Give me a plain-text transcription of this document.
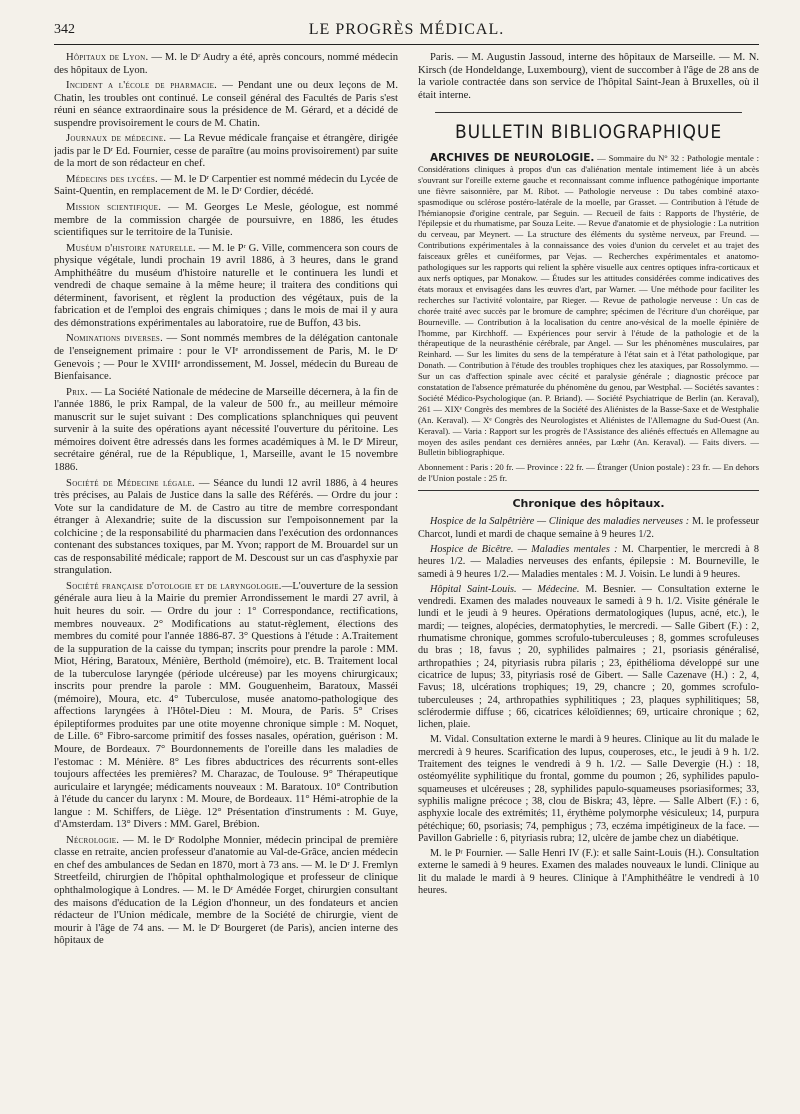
342	LE PROGRÈS MÉDICAL.

Hôpitaux de Lyon. — M. le Dʳ Audry a été, après concours, nommé médecin des hôpitaux de Lyon.

Incident a l'école de pharmacie. — Pendant une ou deux leçons de M. Chatin, les troubles ont continué. Le conseil général des Facultés de Paris s'est réuni en séance extraordinaire sous la présidence de M. Gérard, et a décidé de suspendre provisoirement le cours de M. Chatin.

Journaux de médecine. — La Revue médicale française et étrangère, dirigée jadis par le Dʳ Ed. Fournier, cesse de paraître (au moins provisoirement) par suite de la mort de son rédacteur en chef.

Médecins des lycées. — M. le Dʳ Carpentier est nommé médecin du Lycée de Saint-Quentin, en remplacement de M. le Dʳ Cordier, décédé.

Mission scientifique. — M. Georges Le Mesle, géologue, est nommé membre de la commission chargée de poursuivre, en 1886, les études scientifiques sur le territoire de la Tunisie.

Muséum d'histoire naturelle. — M. le Pʳ G. Ville, commencera son cours de physique végétale, lundi prochain 19 avril 1886, à 3 heures, dans le grand Amphithéâtre du muséum d'histoire naturelle et le continuera les lundi et vendredi de chaque semaine à la même heure; il traitera des conditions qui déterminent, favorisent, et règlent la production des végétaux, puis de la fabrication et de l'emploi des engrais chimiques ; dans le mois de mai il y aura des démonstrations expérimentales au laboratoire, rue de Buffon, 43 bis.

Nominations diverses. — Sont nommés membres de la délégation cantonale de l'enseignement primaire : pour le VIᵉ arrondissement de Paris, M. le Dʳ Genevois ; — Pour le XVIIIᵉ arrondissement, M. Jossel, médecin du Bureau de Bienfaisance.

Prix. — La Société Nationale de médecine de Marseille décernera, à la fin de l'année 1886, le prix Rampal, de la valeur de 500 fr., au meilleur mémoire manuscrit sur le sujet suivant : Des complications splanchniques qui peuvent survenir à la suite des opérations ayant nécessité l'ouverture du péritoine. Les mémoires doivent être adressés dans les formes académiques à M. le Dʳ Mireur, secrétaire général, rue de la République, 1, Marseille, avant le 15 novembre 1886.

Société de Médecine légale. — Séance du lundi 12 avril 1886, à 4 heures très précises, au Palais de Justice dans la salle des Référés. — Ordre du jour : Vote sur la candidature de M. de Castro au titre de membre correspondant étranger à Alexandrie; suite de la discussion sur l'empoisonnement par la colchicine ; de la responsabilité du pharmacien dans l'exécution des ordonnances contenant des substances toxiques, par M. Yvon; rapport de M. Brouardel sur un cas de responsabilité médicale; rapport de M. Descoust sur un cas d'asphyxie par strangulation.

Société française d'otologie et de laryngologie.—L'ouverture de la session générale aura lieu à la Mairie du premier Arrondissement le mardi 27 avril, à huit heures du soir. — Ordre du jour : 1° Correspondance, rectifications, membres nouveaux. 2° Modifications au statut-règlement, élections des membres du comité pour l'année 1886-87. 3° Questions à l'étude : A.Traitement de la suppuration de la caisse du tympan; inscrits pour prendre la parole : MM. Miot, Héring, Baratoux, Ménière, Berthold (mémoire), etc. B. Traitement local de la tuberculose laryngée (période ulcéreuse) par les moyens chirurgicaux; inscrits pour prendre la parole : MM. Gouguenheim, Baratoux, Masséi (mémoire), Moura, etc. 4° Tuberculose, musée anatomo-pathologique des affections laryngées à l'Hôtel-Dieu : M. Moura, de Paris. 5° Crises épileptiformes produites par une otite moyenne chronique simple : M. Noquet, de Lille. 6° Fibro-sarcome primitif des fosses nasales, opération, guérison : M. Moure, de Bordeaux. 7° Bourdonnements de l'oreille dans les maladies de l'estomac : M. Ménière. 8° Les fibres abductrices des récurrents sont-elles toujours affectées les premières? M. Charazac, de Toulouse. 9° Thérapeutique auriculaire et laryngée; médicaments nouveaux : M. Baratoux. 10° Contribution à l'étude du cancer du larynx : M. Moure, de Bordeaux. 11° Hémi-atrophie de la langue : M. Schiffers, de Liège. 12° Présentation d'instruments : M. Guye, d'Amsterdam. 13° Divers : MM. Garel, Brébion.

Nécrologie. — M. le Dʳ Rodolphe Monnier, médecin principal de première classe en retraite, ancien professeur d'anatomie au Val-de-Grâce, ancien médecin en chef des ambulances de Sedan en 1870, mort à 73 ans. — M. le Dʳ J. Fremlyn Streetfeild, chirurgien de l'hôpital ophthalmologique et professeur de clinique ophthalmologique à Londres. — M. le Dʳ Amédée Forget, chirurgien consultant des maisons d'éducation de la Légion d'honneur, un des fondateurs et ancien rédacteur de l'Union médicale, membre de la Société de chirurgie, vient de mourir à l'âge de 74 ans. — M. le Dʳ Bourgeret (de Paris), ancien interne des hôpitaux de

Paris. — M. Augustin Jassoud, interne des hôpitaux de Marseille. — M. N. Kirsch (de Hondeldange, Luxembourg), vient de succomber à l'âge de 28 ans de la variole contractée dans son service de l'hôpital Saint-Jean à Bruxelles, où il était interne.

BULLETIN BIBLIOGRAPHIQUE

ARCHIVES DE NEUROLOGIE. — Sommaire du N° 32 : Pathologie mentale : Considérations cliniques à propos d'un cas d'aliénation mentale intimement liée à un abcès s'ouvrant sur l'oreille externe gauche et reconnaissant comme influence pathogénique importante une fièvre saisonnière, par M. Ribot. — Pathologie nerveuse : Du tabes combiné ataxo-spasmodique ou sclérose postéro-latérale de la moelle, par Grasset. — Contribution à l'étude de l'hémianopsie d'origine centrale, par Seguin. — Recueil de faits : Rapports de l'hystérie, de l'épilepsie et du rhumatisme, par Souza Leite. — Revue d'anatomie et de physiologie : La nutrition du cerveau, par Meynert. — La structure des éléments du système nerveux, par Freund. — Contributions expérimentales à la connaissance des voies d'union du cervelet et au trajet des faisceaux grêles et cunéiformes, par Vejas. — Recherches expérimentales et anatomo-pathologiques sur les rapports qui relient la sphère visuelle aux centres optiques infra-corticaux et aux nerfs optiques, par Monakow. — Études sur les attitudes considérées comme indicatives des états moraux et envisagées dans les œuvres d'art, par Warner. — Une méthode pour faciliter les recherches sur l'activité volontaire, par Rieger. — Revue de pathologie nerveuse : Un cas de chorée traité avec succès par le bromure de camphre; spécimen de l'écriture d'un choréique, par Bourneville. — Contribution à la localisation du centre ano-vésical de la moelle épinière de l'homme, par Kirchhoff. — Expériences pour servir à l'étude de la pathologie et de la thérapeutique de la neurasthénie cérébrale, par Angel. — Sur les phénomènes musculaires, par Reinhard. — Sur les limites du sens de la température à l'état sain et à l'état pathologique, par Donath. — Contribution à l'étude des troubles trophiques chez les ataxiques, par Rossolymmo. — Sur un cas d'affection spinale avec cécité et paralysie générale ; diagnostic précoce par constatation de l'absence prématurée du phénomène du genou, par Westphal. — Sociétés savantes : Société Médico-Psychologique (an. P. Briand). — Société Psychiatrique de Berlin (an. Keraval), 261 — XIXᵉ Congrès des membres de la Société des Aliénistes de la Basse-Saxe et de Westphalie (An. Keraval). — Xᵉ Congrès des Neurologistes et Aliénistes de l'Allemagne du Sud-Ouest (An. Keraval). — Variа : Rapport sur les progrès de l'Assistance des aliénés effectués en Allemagne au moyen des asiles pendant ces dernières années, par Lœhr (An. Keraval). — Faits divers. — Bulletin bibliographique.

Abonnement : Paris : 20 fr. — Province : 22 fr. — Étranger (Union postale) : 23 fr. — En dehors de l'Union postale : 25 fr.

Chronique des hôpitaux.

Hospice de la Salpêtrière — Clinique des maladies nerveuses : M. le professeur Charcot, lundi et mardi de chaque semaine à 9 heures 1/2.

Hospice de Bicêtre. — Maladies mentales : M. Charpentier, le mercredi à 8 heures 1/2. — Maladies nerveuses des enfants, épilepsie : M. Bourneville, le samedi à 9 heures 1/2.— Maladies mentales : M. J. Voisin. Le lundi à 9 heures.

Hôpital Saint-Louis. — Médecine. M. Besnier. — Consultation externe le vendredi. Examen des malades nouveaux le samedi à 9 h. 1/2. Visite générale le lundi et le jeudi à 9 heures. Opérations dermatologiques (lupus, acné, etc.), le mardi; — teignes, alopécies, dermatophyties, le mercredi. — Salle Gibert (F.) : 2, rhumatisme chronique, gommes scrofulo-tuberculeuses ; 8, gommes scrofuleuses du bras ; 18, favus ; 20, syphilides palmaires ; 21, psoriasis généralisé, arthropathies ; 24, pityriasis rubra pilaris ; 23, épithélioma développé sur une cicatrice de lupus; 33, pityriasis rosé de Gibert. — Salle Cazenave (H.) : 2, 4, Favus; 18, ulcérations trophiques; 19, 29, chancre ; 20, gommes scrofulo-tuberculeuses ; 24, arthropathies syphilitiques ; 23, plaques syphilitiques; 58, sclérodermie diffuse ; 66, cicatrices kéloïdiennes; 69, urticaire chronique ; 62, lichen, plaie.

M. Vidal. Consultation externe le mardi à 9 heures. Clinique au lit du malade le mercredi à 9 heures. Scarification des lupus, couperoses, etc., le jeudi à 9 h. 1/2. Traitement des teignes le vendredi à 9 h. 1/2. — Salle Devergie (H.) : 18, ostéomyélite syphilitique du frontal, gomme du poumon ; 26, syphilides papulo-squameuses et ulcéreuses ; 28, syphilides papulo-squameuses psoriasiformes; 33, syphilis maligne précoce ; 38, clou de Biskra; 43, lèpre. — Salle Albert (F.) : 6, asphyxie locale des extrémités; 11, érythème polymorphe vésiculeux; 14, purpura pétéchique; 60, psoriasis; 74, pemphigus ; 73, eczéma impétigineux de la face. — Pavillon Gabrielle : 6, pityriasis rubra; 12, ulcère de jambe chez un diabétique.

M. le Pʳ Fournier. — Salle Henri IV (F.): et salle Saint-Louis (H.). Consultation externe le samedi à 9 heures. Examen des malades nouveaux le lundi. Clinique au lit du malade le mardi à 9 heures. Clinique à l'Amphithéâtre le vendredi à 10 heures.
